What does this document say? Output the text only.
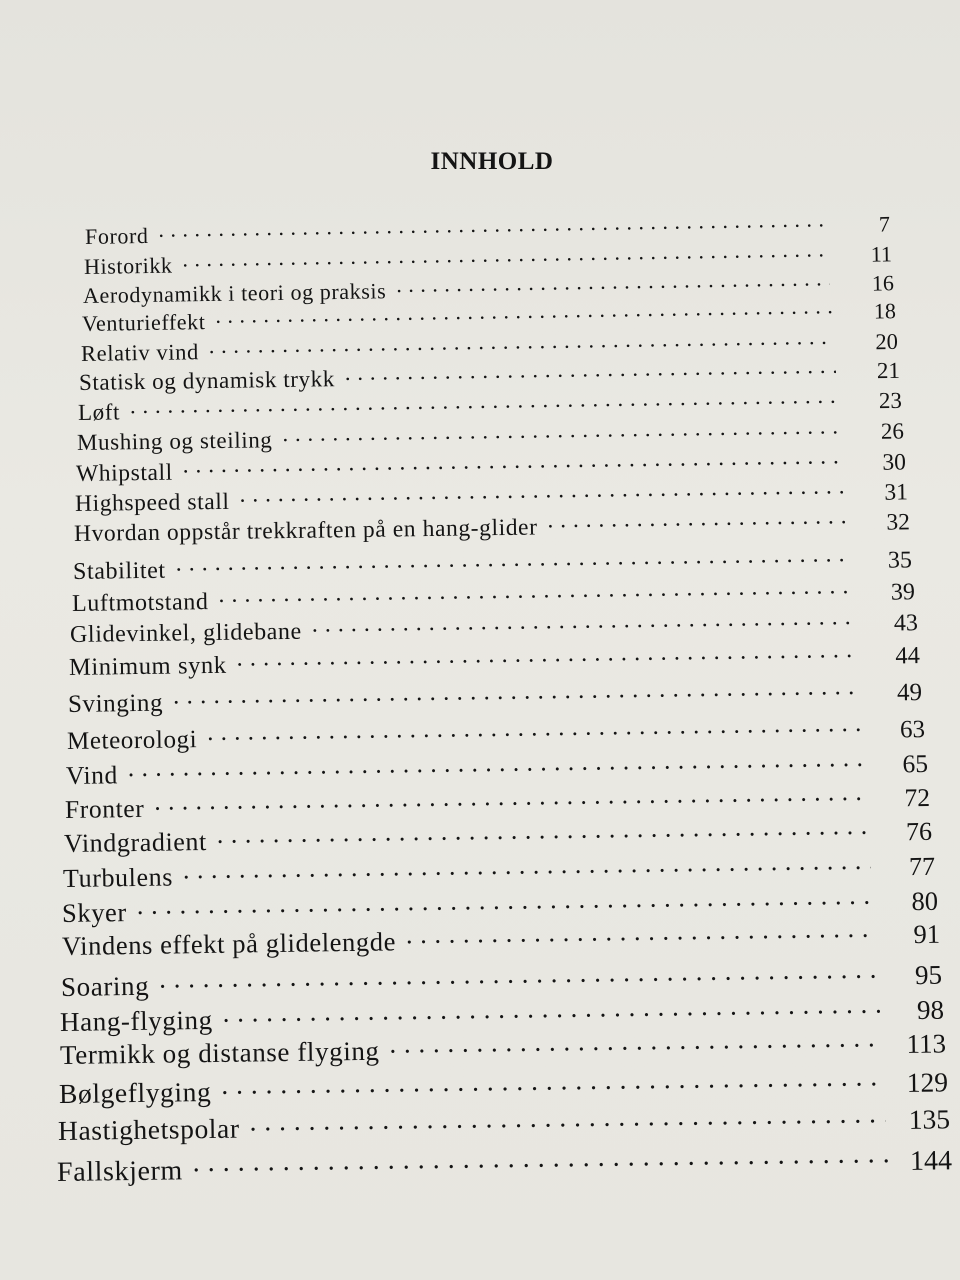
INNHOLD
Forord . . .	7
Historikk . . .	11
Aerodynamikk i teori og praksis . . .	16
Venturieffekt . . .	18
Relativ vind . . .	20
Statisk og dynamisk trykk . . .	21
Løft . . .	23
Mushing og steiling . . .	26
Whipstall . . .	30
Highspeed stall . . .	31
Hvordan oppstår trekkraften på en hang-glider . . .	32
Stabilitet . . .	35
Luftmotstand . . .	39
Glidevinkel, glidebane . . .	43
Minimum synk . . .	44
Svinging . . .	49
Meteorologi . . .	63
Vind . . .	65
Fronter . . .	72
Vindgradient . . .	76
Turbulens . . .	77
Skyer . . .	80
Vindens effekt på glidelengde . . .	91
Soaring . . .	95
Hang-flyging . . .	98
Termikk og distanse flyging . . .	113
Bølgeflyging . . .	129
Hastighetspolar . . .	135
Fallskjerm . . .	144
